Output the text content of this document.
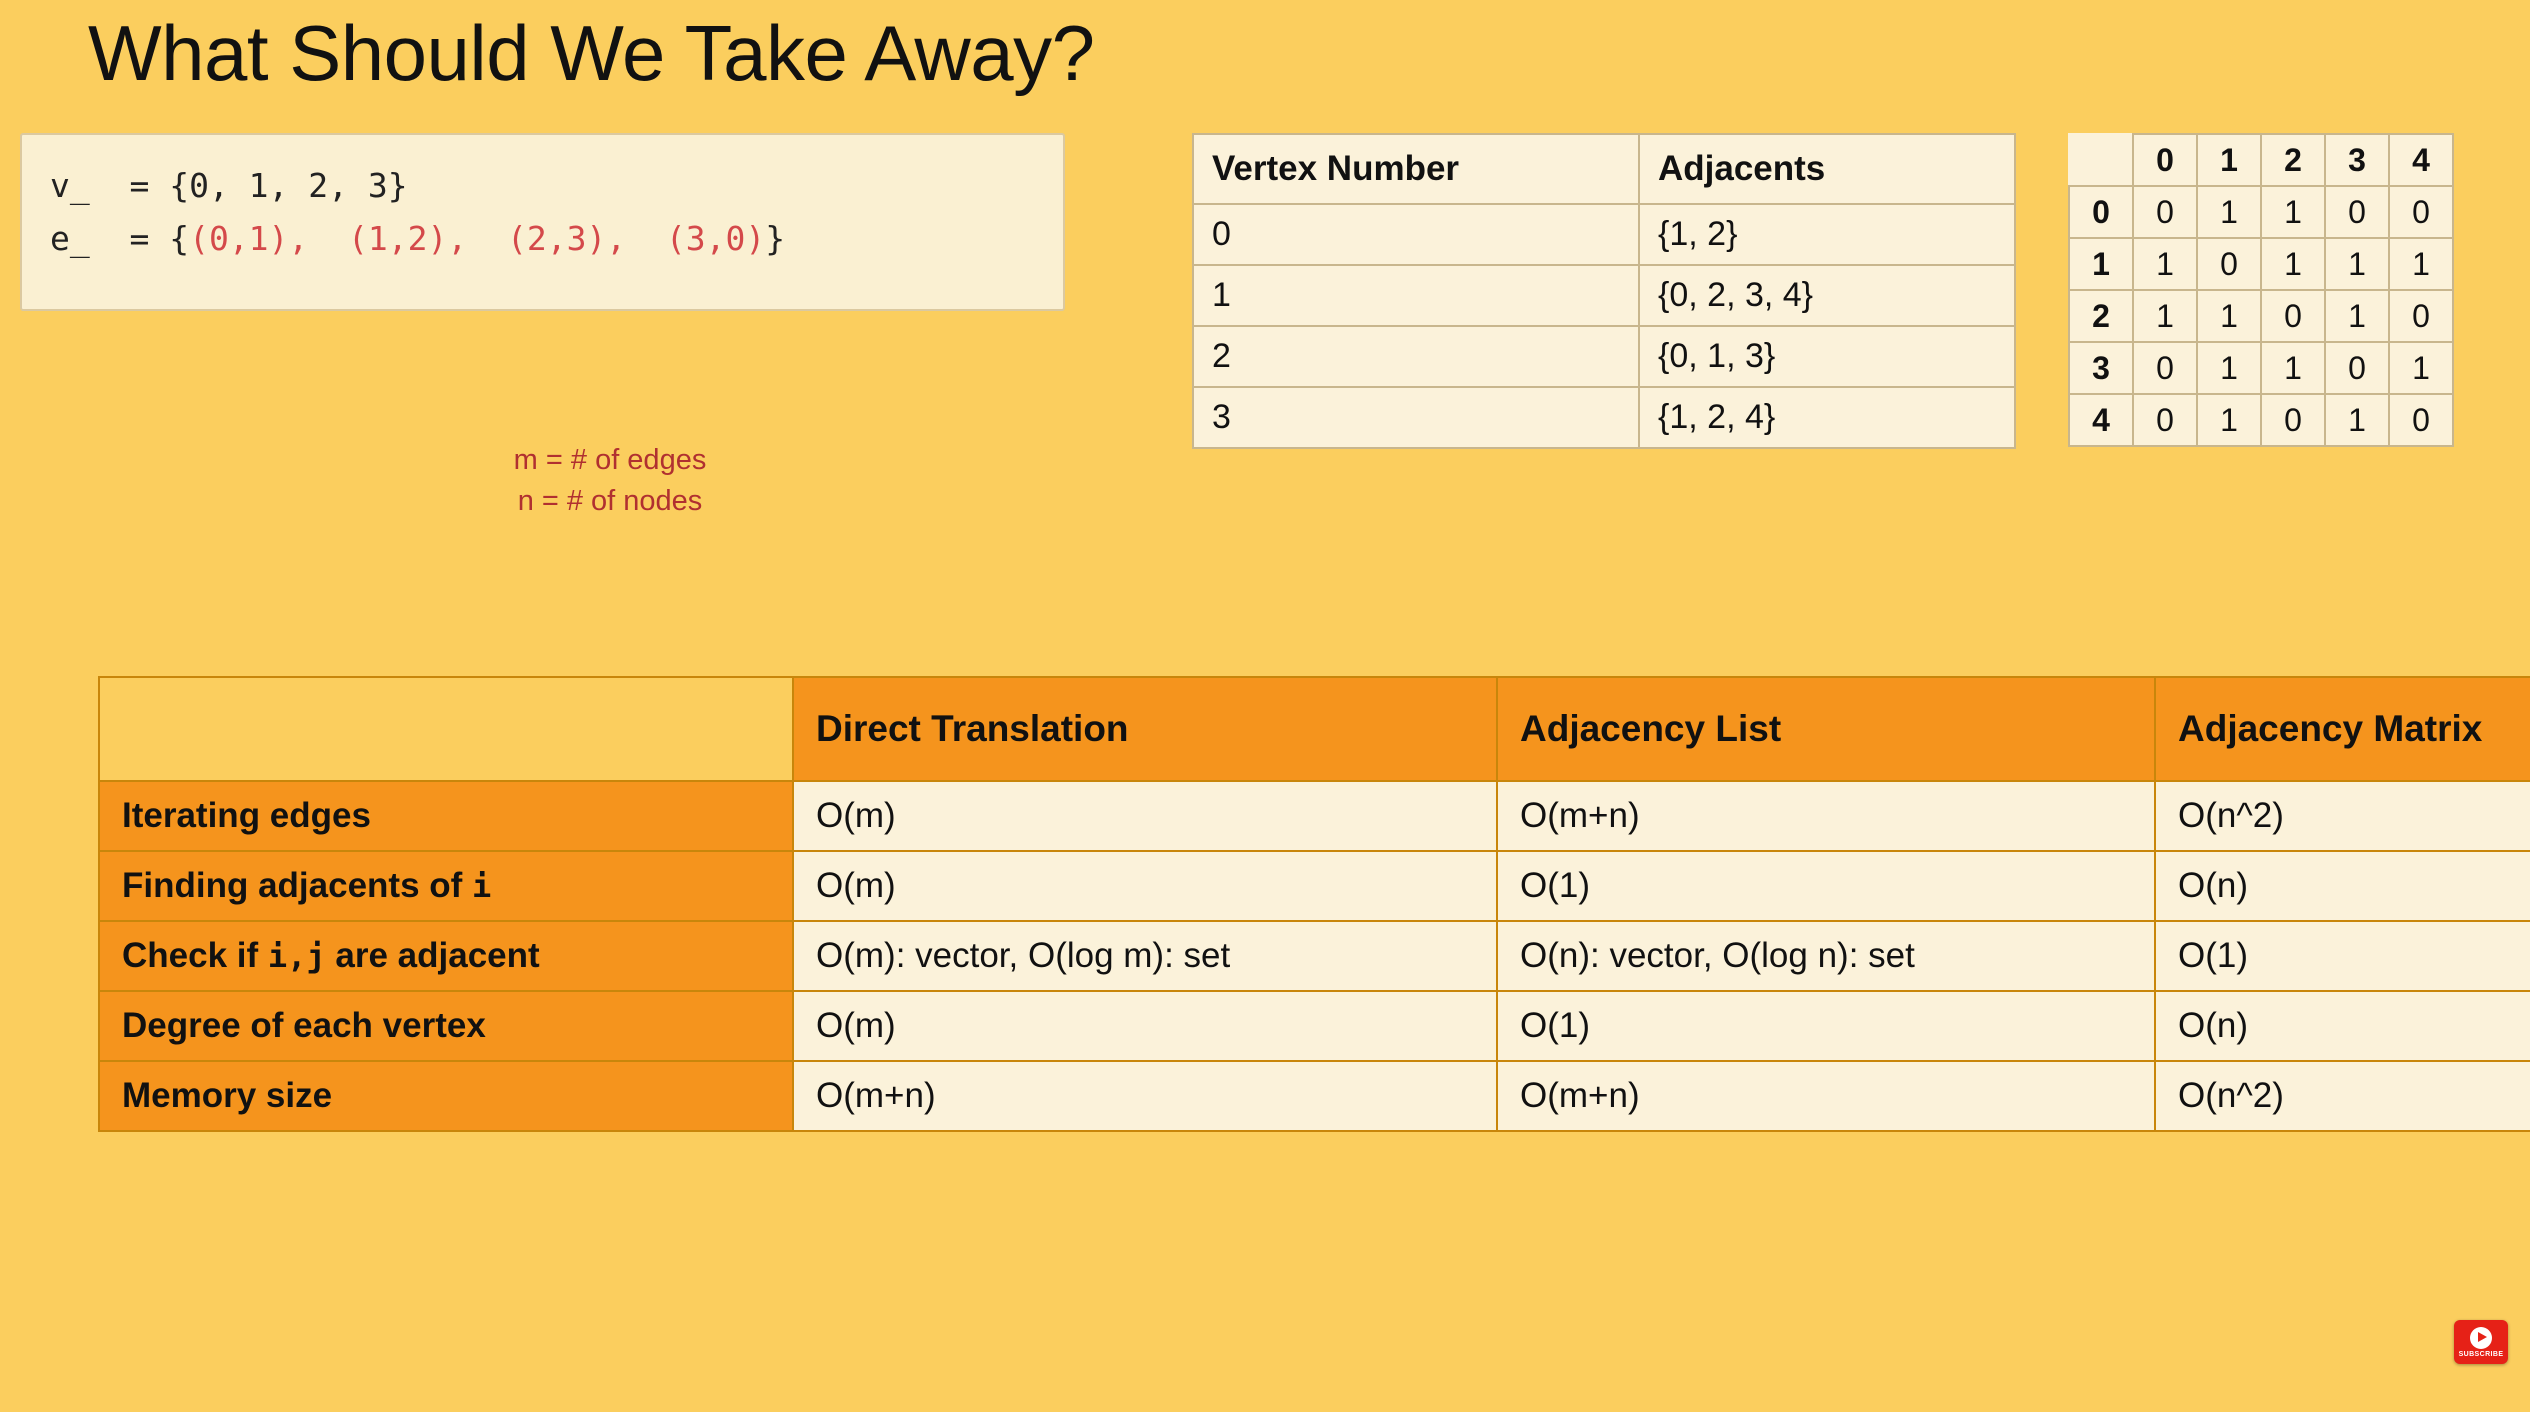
What Should We Take Away?
v_  = {0, 1, 2, 3}
e_  = {(0,1),  (1,2),  (2,3),  (3,0)}
m = # of edges
n = # of nodes
Vertex Number	Adjacents
0	{1, 2}
1	{0, 2, 3, 4}
2	{0, 1, 3}
3	{1, 2, 4}
	0	1	2	3	4
0	0	1	1	0	0
1	1	0	1	1	1
2	1	1	0	1	0
3	0	1	1	0	1
4	0	1	0	1	0
	Direct Translation	Adjacency List	Adjacency Matrix
Iterating edges	O(m)	O(m+n)	O(n^2)
Finding adjacents of i	O(m)	O(1)	O(n)
Check if i,j are adjacent	O(m): vector, O(log m): set	O(n): vector, O(log n): set	O(1)
Degree of each vertex	O(m)	O(1)	O(n)
Memory size	O(m+n)	O(m+n)	O(n^2)
SUBSCRIBE
